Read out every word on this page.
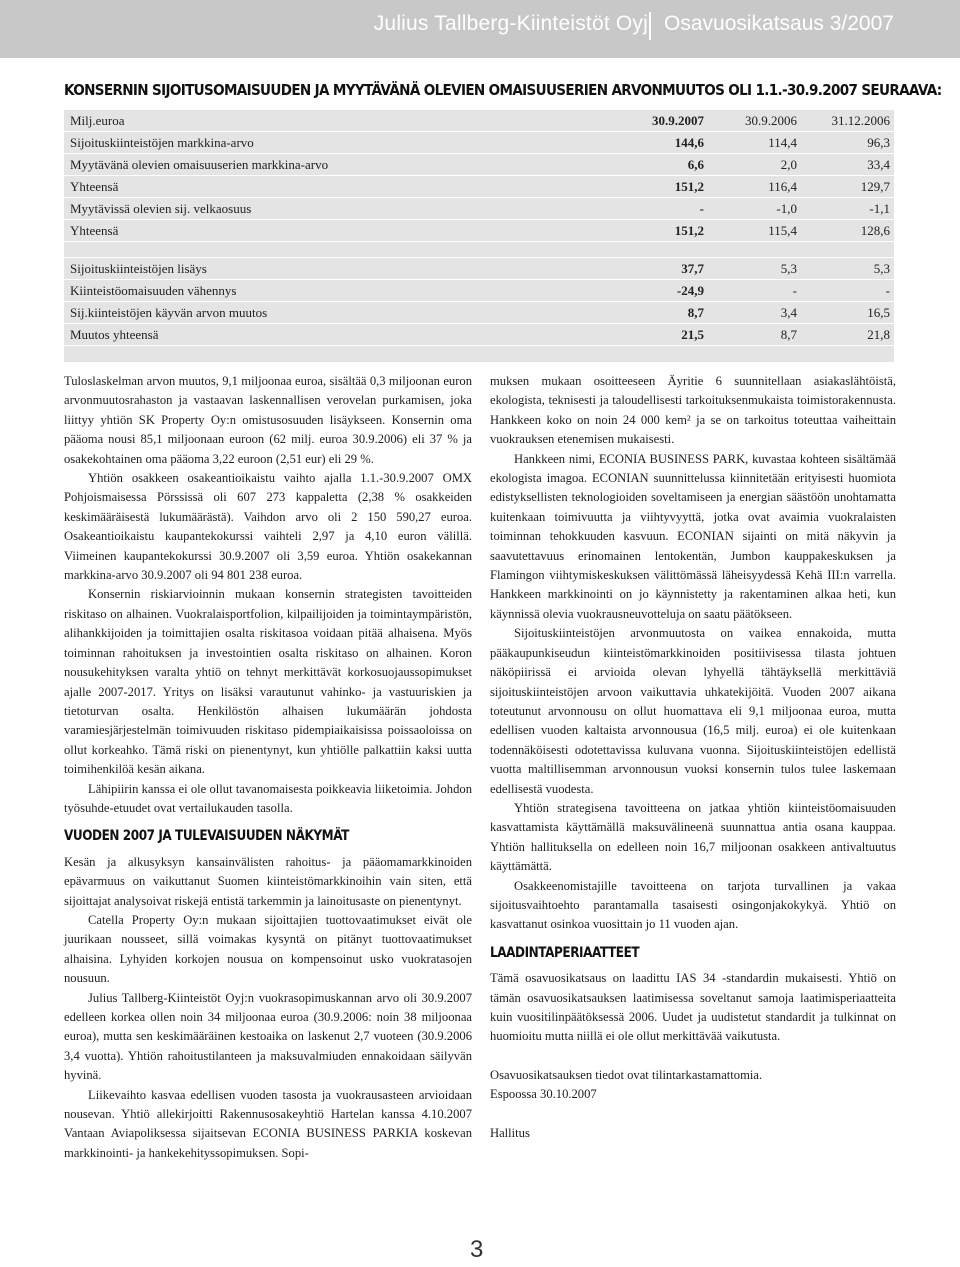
Julius Tallberg-Kiinteistöt Oyj Osavuosikatsaus 3/2007
KONSERNIN SIJOITUSOMAISUUDEN JA MYYTÄVÄNÄ OLEVIEN OMAISUUSERIEN ARVONMUUTOS OLI 1.1.-30.9.2007 SEURAAVA:
Milj.euroa	30.9.2007	30.9.2006	31.12.2006
Sijoituskiinteistöjen markkina-arvo	144,6	114,4	96,3
Myytävänä olevien omaisuuserien markkina-arvo	6,6	2,0	33,4
Yhteensä	151,2	116,4	129,7
Myytävissä olevien sij. velkaosuus	-	-1,0	-1,1
Yhteensä	151,2	115,4	128,6
Sijoituskiinteistöjen lisäys	37,7	5,3	5,3
Kiinteistöomaisuuden vähennys	-24,9	-	-
Sij.kiinteistöjen käyvän arvon muutos	8,7	3,4	16,5
Muutos yhteensä	21,5	8,7	21,8

Tuloslaskelman arvon muutos, 9,1 miljoonaa euroa, sisältää 0,3 miljoonan euron arvonmuutosrahaston ja vastaavan laskennallisen verovelan purkamisen, joka liittyy yhtiön SK Property Oy:n omistusosuuden lisäykseen. Konsernin oma pääoma nousi 85,1 miljoonaan euroon (62 milj. euroa 30.9.2006) eli 37 % ja osakekohtainen oma pääoma 3,22 euroon (2,51 eur) eli 29 %.

Yhtiön osakkeen osakeantioikaistu vaihto ajalla 1.1.-30.9.2007 OMX Pohjoismaisessa Pörssissä oli 607 273 kappaletta (2,38 % osakkeiden keskimääräisestä lukumäärästä). Vaihdon arvo oli 2 150 590,27 euroa. Osakeantioikaistu kaupantekokurssi vaihteli 2,97 ja 4,10 euron välillä. Viimeinen kaupantekokurssi 30.9.2007 oli 3,59 euroa. Yhtiön osakekannan markkina-arvo 30.9.2007 oli 94 801 238 euroa.

Konsernin riskiarvioinnin mukaan konsernin strategisten tavoitteiden riskitaso on alhainen. Vuokralaisportfolion, kilpailijoiden ja toimintaympäristön, alihankkijoiden ja toimittajien osalta riskitasoa voidaan pitää alhaisena. Myös toiminnan rahoituksen ja investointien osalta riskitaso on alhainen. Koron nousukehityksen varalta yhtiö on tehnyt merkittävät korkosuojaussopimukset ajalle 2007-2017. Yritys on lisäksi varautunut vahinko- ja vastuuriskien ja tietoturvan osalta. Henkilöstön alhaisen lukumäärän johdosta varamiesjärjestelmän toimivuuden riskitaso pidempiaikaisissa poissaoloissa on ollut korkeahko. Tämä riski on pienentynyt, kun yhtiölle palkattiin kaksi uutta toimihenkilöä kesän aikana.

Lähipiirin kanssa ei ole ollut tavanomaisesta poikkeavia liiketoimia. Johdon työsuhde-etuudet ovat vertailukauden tasolla.

VUODEN 2007 JA TULEVAISUUDEN NÄKYMÄT

Kesän ja alkusyksyn kansainvälisten rahoitus- ja pääomamarkkinoiden epävarmuus on vaikuttanut Suomen kiinteistömarkkinoihin vain siten, että sijoittajat analysoivat riskejä entistä tarkemmin ja lainoitusaste on pienentynyt.

Catella Property Oy:n mukaan sijoittajien tuottovaatimukset eivät ole juurikaan nousseet, sillä voimakas kysyntä on pitänyt tuottovaatimukset alhaisina. Lyhyiden korkojen nousua on kompensoinut usko vuokratasojen nousuun.

Julius Tallberg-Kiinteistöt Oyj:n vuokrasopimuskannan arvo oli 30.9.2007 edelleen korkea ollen noin 34 miljoonaa euroa (30.9.2006: noin 38 miljoonaa euroa), mutta sen keskimääräinen kestoaika on laskenut 2,7 vuoteen (30.9.2006 3,4 vuotta). Yhtiön rahoitustilanteen ja maksuvalmiuden ennakoidaan säilyvän hyvinä.

Liikevaihto kasvaa edellisen vuoden tasosta ja vuokrausasteen arvioidaan nousevan. Yhtiö allekirjoitti Rakennusosakeyhtiö Hartelan kanssa 4.10.2007 Vantaan Aviapoliksessa sijaitsevan ECONIA BUSINESS PARKIA koskevan markkinointi- ja hankekehityssopimuksen. Sopi-

muksen mukaan osoitteeseen Äyritie 6 suunnitellaan asiakaslähtöistä, ekologista, teknisesti ja taloudellisesti tarkoituksenmukaista toimistorakennusta. Hankkeen koko on noin 24 000 kem² ja se on tarkoitus toteuttaa vaiheittain vuokrauksen etenemisen mukaisesti.

Hankkeen nimi, ECONIA BUSINESS PARK, kuvastaa kohteen sisältämää ekologista imagoa. ECONIAN suunnittelussa kiinnitetään erityisesti huomiota edistyksellisten teknologioiden soveltamiseen ja energian säästöön unohtamatta kuitenkaan toimivuutta ja viihtyvyyttä, jotka ovat avaimia vuokralaisten toiminnan tehokkuuden kasvuun. ECONIAN sijainti on mitä näkyvin ja saavutettavuus erinomainen lentokentän, Jumbon kauppakeskuksen ja Flamingon viihtymiskeskuksen välittömässä läheisyydessä Kehä III:n varrella. Hankkeen markkinointi on jo käynnistetty ja rakentaminen alkaa heti, kun käynnissä olevia vuokrausneuvotteluja on saatu päätökseen.

Sijoituskiinteistöjen arvonmuutosta on vaikea ennakoida, mutta pääkaupunkiseudun kiinteistömarkkinoiden positiivisessa tilasta johtuen näköpiirissä ei arvioida olevan lyhyellä tähtäyksellä merkittäviä sijoituskiinteistöjen arvoon vaikuttavia uhkatekijöitä. Vuoden 2007 aikana toteutunut arvonnousu on ollut huomattava eli 9,1 miljoonaa euroa, mutta edellisen vuoden kaltaista arvonnousua (16,5 milj. euroa) ei ole kuitenkaan todennäköisesti odotettavissa kuluvana vuonna. Sijoituskiinteistöjen edellistä vuotta maltillisemman arvonnousun vuoksi konsernin tulos tulee laskemaan edellisestä vuodesta.

Yhtiön strategisena tavoitteena on jatkaa yhtiön kiinteistöomaisuuden kasvattamista käyttämällä maksuvälineenä suunnattua antia osana kauppaa. Yhtiön hallituksella on edelleen noin 16,7 miljoonan osakkeen antivaltuutus käyttämättä.

Osakkeenomistajille tavoitteena on tarjota turvallinen ja vakaa sijoitusvaihtoehto parantamalla tasaisesti osingonjakokykyä. Yhtiö on kasvattanut osinkoa vuosittain jo 11 vuoden ajan.

LAADINTAPERIAATTEET

Tämä osavuosikatsaus on laadittu IAS 34 -standardin mukaisesti. Yhtiö on tämän osavuosikatsauksen laatimisessa soveltanut samoja laatimisperiaatteita kuin vuositilinpäätöksessä 2006. Uudet ja uudistetut standardit ja tulkinnat on huomioitu mutta niillä ei ole ollut merkittävää vaikutusta.

Osavuosikatsauksen tiedot ovat tilintarkastamattomia.

Espoossa 30.10.2007

Hallitus

3
